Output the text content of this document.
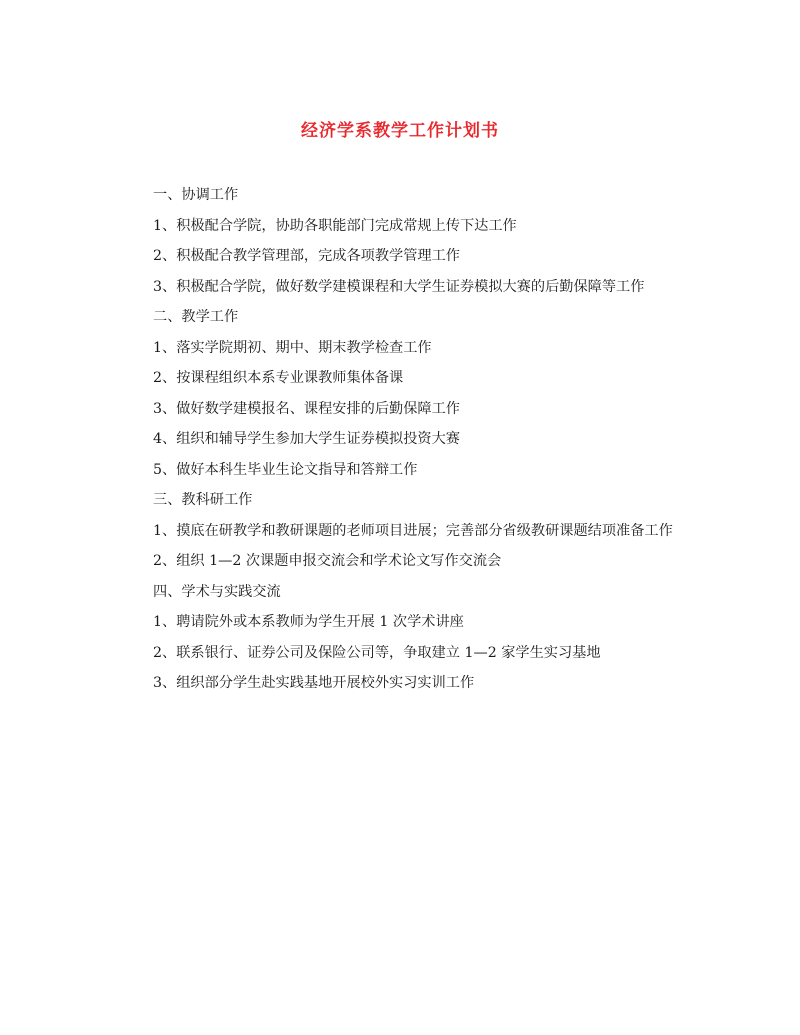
经济学系教学工作计划书

一、协调工作

1、积极配合学院，协助各职能部门完成常规上传下达工作

2、积极配合教学管理部，完成各项教学管理工作

3、积极配合学院，做好数学建模课程和大学生证券模拟大赛的后勤保障等工作

二、教学工作

1、落实学院期初、期中、期末教学检查工作

2、按课程组织本系专业课教师集体备课

3、做好数学建模报名、课程安排的后勤保障工作

4、组织和辅导学生参加大学生证券模拟投资大赛

5、做好本科生毕业生论文指导和答辩工作

三、教科研工作

1、摸底在研教学和教研课题的老师项目进展；完善部分省级教研课题结项准备工作

2、组织 1—2 次课题申报交流会和学术论文写作交流会

四、学术与实践交流

1、聘请院外或本系教师为学生开展 1 次学术讲座

2、联系银行、证券公司及保险公司等，争取建立 1—2 家学生实习基地

3、组织部分学生赴实践基地开展校外实习实训工作
